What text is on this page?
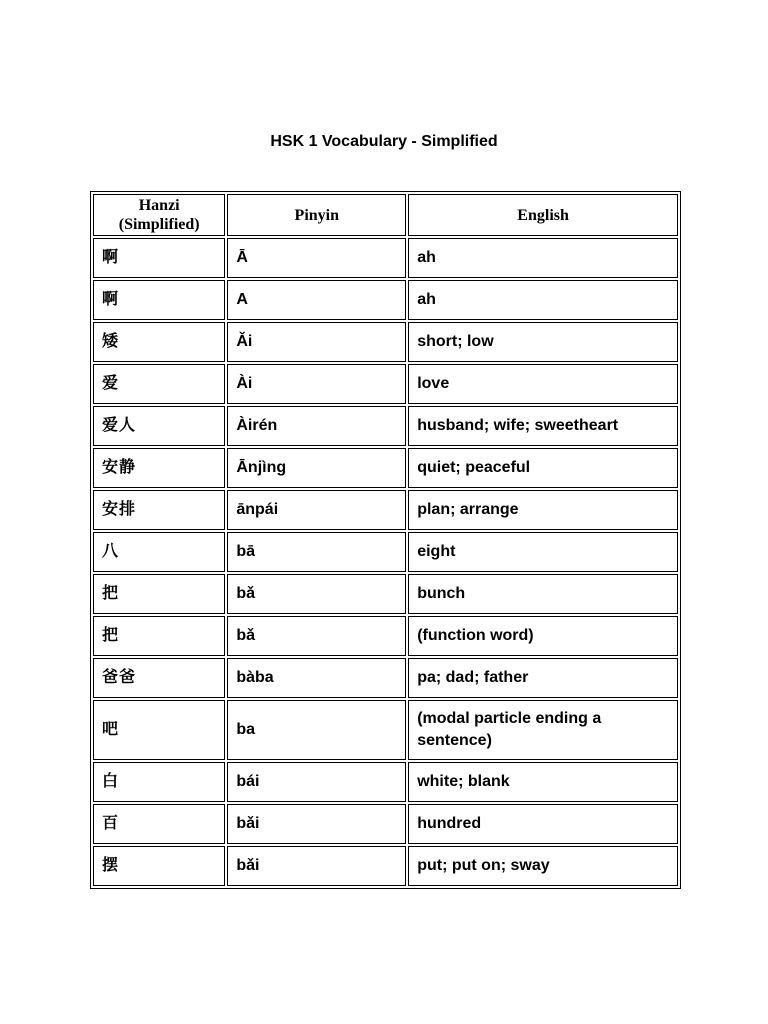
HSK 1 Vocabulary - Simplified
Hanzi (Simplified)	Pinyin	English
啊	Ā	ah
啊	A	ah
矮	Ǎi	short; low
爱	Ài	love
爱人	Àirén	husband; wife; sweetheart
安静	Ānjìng	quiet; peaceful
安排	ānpái	plan; arrange
八	bā	eight
把	bǎ	bunch
把	bǎ	(function word)
爸爸	bàba	pa; dad; father
吧	ba	(modal particle ending a sentence)
白	bái	white; blank
百	bǎi	hundred
摆	bǎi	put; put on; sway
